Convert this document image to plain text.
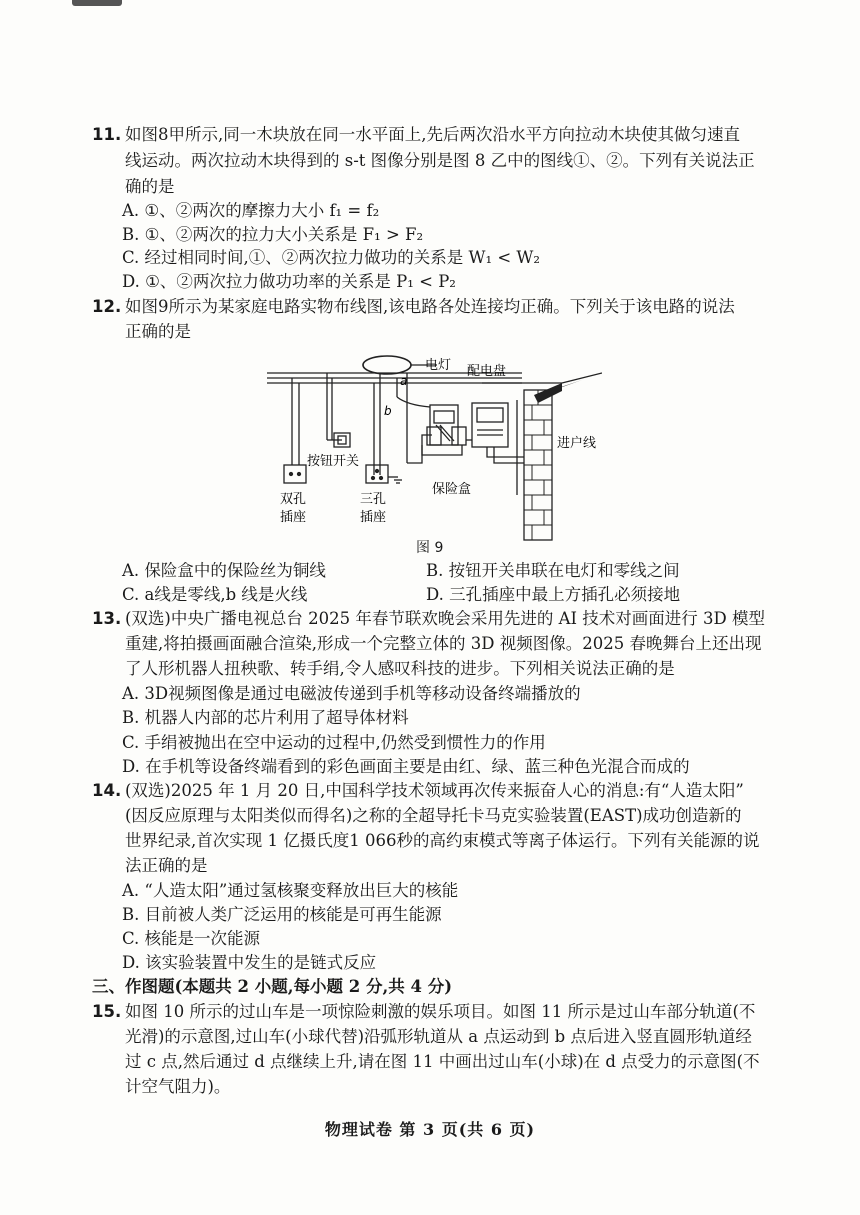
11. 如图8甲所示,同一木块放在同一水平面上,先后两次沿水平方向拉动木块使其做匀速直
线运动。两次拉动木块得到的 s-t 图像分别是图 8 乙中的图线①、②。下列有关说法正
确的是
A. ①、②两次的摩擦力大小 f₁ = f₂
B. ①、②两次的拉力大小关系是 F₁ > F₂
C. 经过相同时间,①、②两次拉力做功的关系是 W₁ < W₂
D. ①、②两次拉力做功功率的关系是 P₁ < P₂
12. 如图9所示为某家庭电路实物布线图,该电路各处连接均正确。下列关于该电路的说法
正确的是
电灯 配电盘
a
b
进户线
按钮开关
保险盒
双孔
插座
三孔
插座
图 9
A. 保险盒中的保险丝为铜线	B. 按钮开关串联在电灯和零线之间
C. a线是零线,b 线是火线	D. 三孔插座中最上方插孔必须接地
13. (双选)中央广播电视总台 2025 年春节联欢晚会采用先进的 AI 技术对画面进行 3D 模型
重建,将拍摄画面融合渲染,形成一个完整立体的 3D 视频图像。2025 春晚舞台上还出现
了人形机器人扭秧歌、转手绢,令人感叹科技的进步。下列相关说法正确的是
A. 3D视频图像是通过电磁波传递到手机等移动设备终端播放的
B. 机器人内部的芯片利用了超导体材料
C. 手绢被抛出在空中运动的过程中,仍然受到惯性力的作用
D. 在手机等设备终端看到的彩色画面主要是由红、绿、蓝三种色光混合而成的
14. (双选)2025 年 1 月 20 日,中国科学技术领域再次传来振奋人心的消息:有“人造太阳”
(因反应原理与太阳类似而得名)之称的全超导托卡马克实验装置(EAST)成功创造新的
世界纪录,首次实现 1 亿摄氏度1 066秒的高约束模式等离子体运行。下列有关能源的说
法正确的是
A. “人造太阳”通过氢核聚变释放出巨大的核能
B. 目前被人类广泛运用的核能是可再生能源
C. 核能是一次能源
D. 该实验装置中发生的是链式反应
三、作图题(本题共 2 小题,每小题 2 分,共 4 分)
15. 如图 10 所示的过山车是一项惊险刺激的娱乐项目。如图 11 所示是过山车部分轨道(不
光滑)的示意图,过山车(小球代替)沿弧形轨道从 a 点运动到 b 点后进入竖直圆形轨道经
过 c 点,然后通过 d 点继续上升,请在图 11 中画出过山车(小球)在 d 点受力的示意图(不
计空气阻力)。
物理试卷 第 3 页(共 6 页)
